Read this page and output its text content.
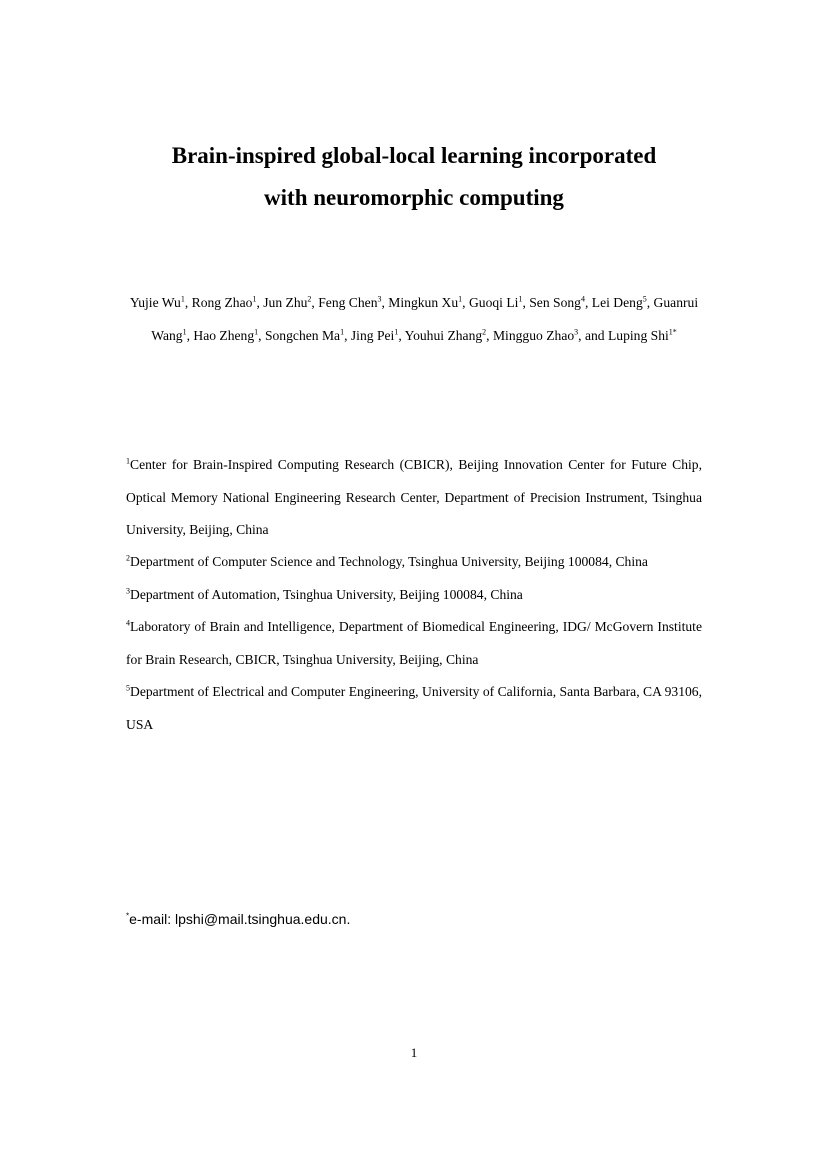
Brain-inspired global-local learning incorporated
with neuromorphic computing
Yujie Wu$^1$, Rong Zhao$^1$, Jun Zhu$^2$, Feng Chen$^3$, Mingkun Xu$^1$, Guoqi Li$^1$, Sen Song$^4$, Lei Deng$^5$, Guanrui
Wang$^1$, Hao Zheng$^1$, Songchen Ma$^1$, Jing Pei$^1$, Youhui Zhang$^2$, Mingguo Zhao$^3$, and Luping Shi$^{1*}$
$^1$Center for Brain-Inspired Computing Research (CBICR), Beijing Innovation Center for Future Chip, Optical Memory National Engineering Research Center, Department of Precision Instrument, Tsinghua University, Beijing, China
$^2$Department of Computer Science and Technology, Tsinghua University, Beijing 100084, China
$^3$Department of Automation, Tsinghua University, Beijing 100084, China
$^4$Laboratory of Brain and Intelligence, Department of Biomedical Engineering, IDG/ McGovern Institute for Brain Research, CBICR, Tsinghua University, Beijing, China
$^5$Department of Electrical and Computer Engineering, University of California, Santa Barbara, CA 93106, USA
*e-mail: lpshi@mail.tsinghua.edu.cn.
1
